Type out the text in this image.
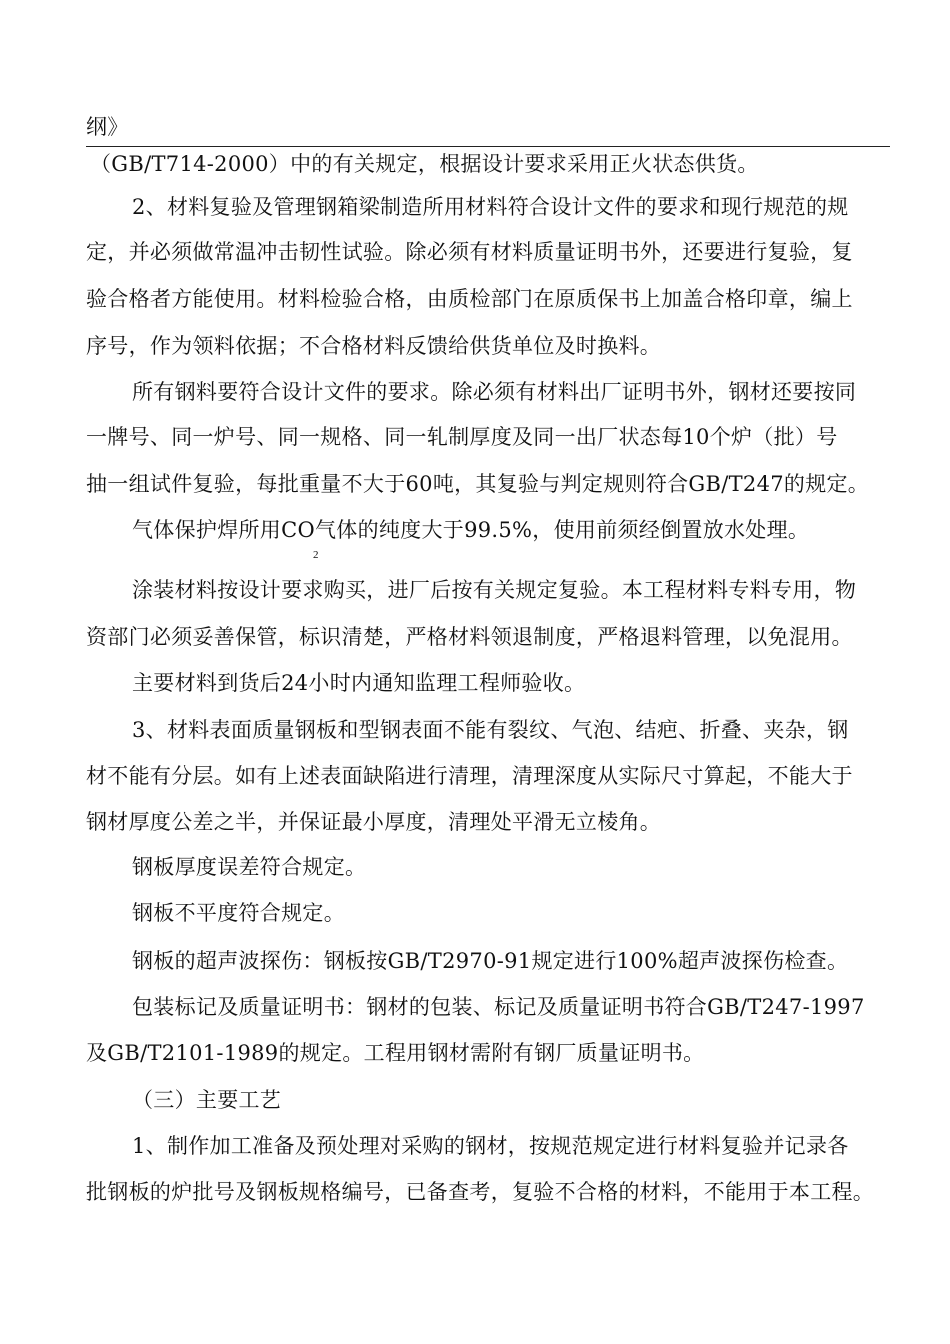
纲》
（GB/T714-2000）中的有关规定，根据设计要求采用正火状态供货。
2、材料复验及管理钢箱梁制造所用材料符合设计文件的要求和现行规范的规
定，并必须做常温冲击韧性试验。除必须有材料质量证明书外，还要进行复验，复
验合格者方能使用。材料检验合格，由质检部门在原质保书上加盖合格印章，编上
序号，作为领料依据；不合格材料反馈给供货单位及时换料。
所有钢料要符合设计文件的要求。除必须有材料出厂证明书外，钢材还要按同
一牌号、同一炉号、同一规格、同一轧制厚度及同一出厂状态每10个炉（批）号
抽一组试件复验，每批重量不大于60吨，其复验与判定规则符合GB/T247的规定。
气体保护焊所用CO气体的纯度大于99.5%，使用前须经倒置放水处理。
2
涂装材料按设计要求购买，进厂后按有关规定复验。本工程材料专料专用，物
资部门必须妥善保管，标识清楚，严格材料领退制度，严格退料管理，以免混用。
主要材料到货后24小时内通知监理工程师验收。
3、材料表面质量钢板和型钢表面不能有裂纹、气泡、结疤、折叠、夹杂，钢
材不能有分层。如有上述表面缺陷进行清理，清理深度从实际尺寸算起，不能大于
钢材厚度公差之半，并保证最小厚度，清理处平滑无立棱角。
钢板厚度误差符合规定。
钢板不平度符合规定。
钢板的超声波探伤：钢板按GB/T2970-91规定进行100%超声波探伤检查。
包装标记及质量证明书：钢材的包装、标记及质量证明书符合GB/T247-1997
及GB/T2101-1989的规定。工程用钢材需附有钢厂质量证明书。
（三）主要工艺
1、制作加工准备及预处理对采购的钢材，按规范规定进行材料复验并记录各
批钢板的炉批号及钢板规格编号，已备查考，复验不合格的材料，不能用于本工程。
